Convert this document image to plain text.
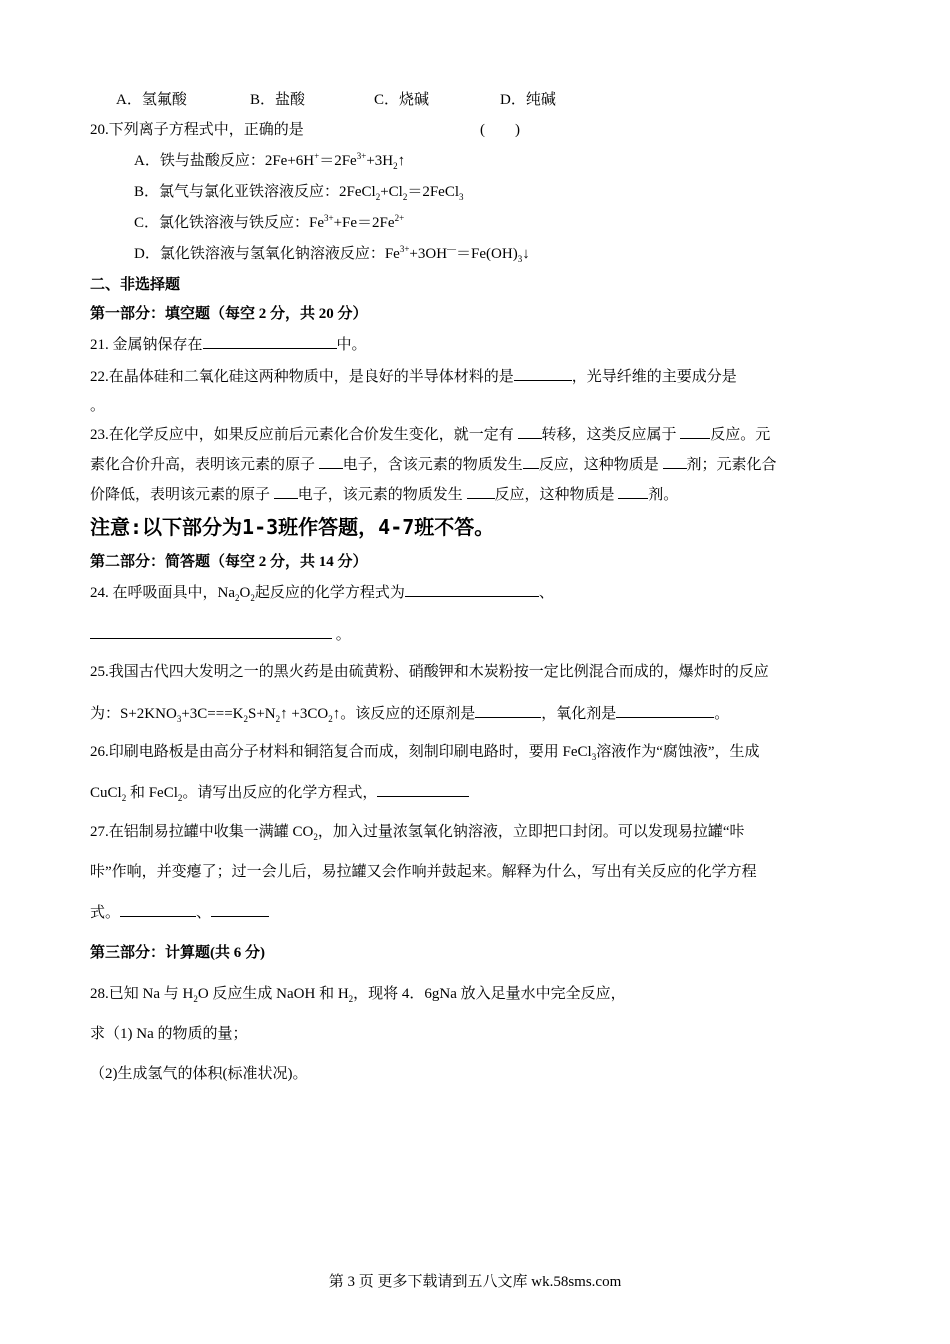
A．氢氟酸	B．盐酸	C．烧碱	D．纯碱
20.下列离子方程式中，正确的是	(　　)
A．铁与盐酸反应：$2Fe+6H^+=2Fe^{3+}+3H_2↑$
B．氯气与氯化亚铁溶液反应：$2FeCl_2+Cl_2=2FeCl_3$
C．氯化铁溶液与铁反应：$Fe^{3+}+Fe=2Fe^{2+}$
D．氯化铁溶液与氢氧化钠溶液反应：$Fe^{3+}+3OH^—=Fe(OH)_3↓$
二、非选择题
第一部分：填空题（每空 2 分，共 20 分）
21. 金属钠保存在	中。
22.在晶体硅和二氧化硅这两种物质中，是良好的半导体材料的是	，光导纤维的主要成分是
。
23.在化学反应中，如果反应前后元素化合价发生变化，就一定有 转移，这类反应属于 反应。元
素化合价升高，表明该元素的原子 电子，含该元素的物质发生 反应，这种物质是 剂；元素化合
价降低，表明该元素的原子 电子，该元素的物质发生 反应，这种物质是 剂。
注意:以下部分为1-3班作答题，4-7班不答。
第二部分：简答题（每空 2 分，共 14 分）
24. 在呼吸面具中，$Na_2O_2$起反应的化学方程式为	、
。
25.我国古代四大发明之一的黑火药是由硫黄粉、硝酸钾和木炭粉按一定比例混合而成的，爆炸时的反应
为：$S+2KNO_3+3C===K_2S+N_2↑$ $+3CO_2↑$。该反应的还原剂是	，氧化剂是	。
26.印刷电路板是由高分子材料和铜箔复合而成，刻制印刷电路时，要用 FeCl$_3$溶液作为“腐蚀液”，生成
CuCl$_2$ 和 FeCl$_2$。请写出反应的化学方程式，
27.在铝制易拉罐中收集一满罐 $CO_2$，加入过量浓氢氧化钠溶液，立即把口封闭。可以发现易拉罐“咔
咔”作响，并变瘪了；过一会儿后，易拉罐又会作响并鼓起来。解释为什么，写出有关反应的化学方程
式。	、
第三部分：计算题(共 6 分)
28.已知 Na 与 $H_2O$ 反应生成 NaOH 和 $H_2$，现将 4．6gNa 放入足量水中完全反应，
求（1) Na 的物质的量；
（2)生成氢气的体积(标准状况)。
第 3 页 更多下载请到五八文库 wk.58sms.com
